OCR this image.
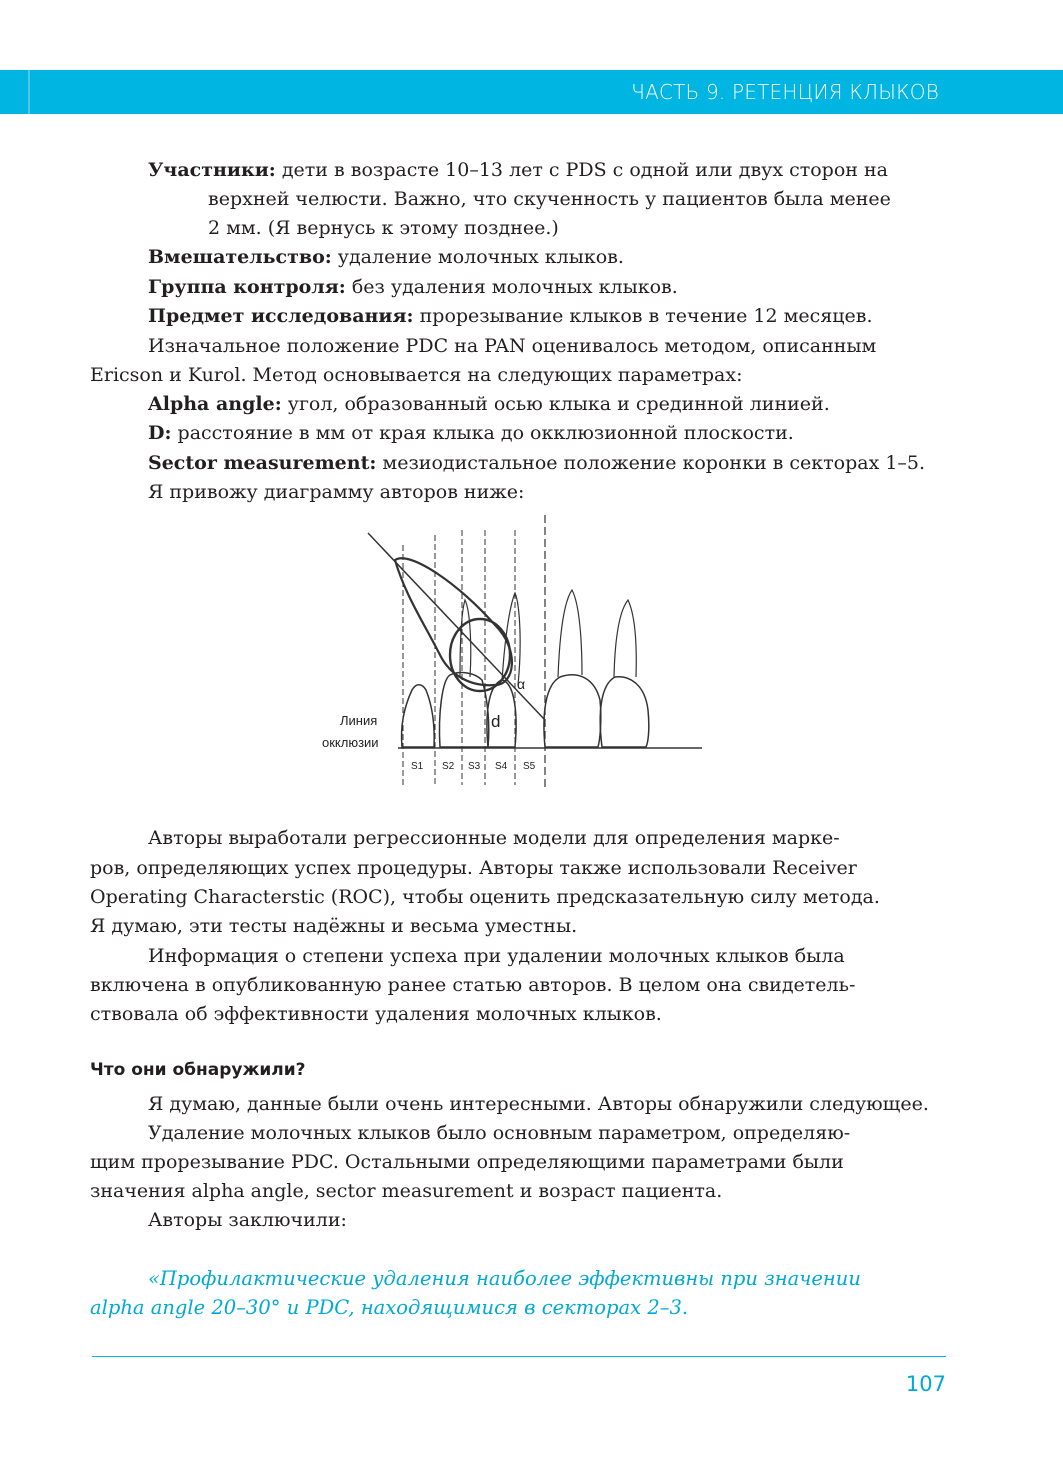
ЧАСТЬ 9. РЕТЕНЦИЯ КЛЫКОВ
Участники: дети в возрасте 10–13 лет с PDS с одной или двух сторон на
верхней челюсти. Важно, что скученность у пациентов была менее
2 мм. (Я вернусь к этому позднее.)
Вмешательство: удаление молочных клыков.
Группа контроля: без удаления молочных клыков.
Предмет исследования: прорезывание клыков в течение 12 месяцев.
Изначальное положение PDC на PAN оценивалось методом, описанным
Ericson и Kurol. Метод основывается на следующих параметрах:
Alpha angle: угол, образованный осью клыка и срединной линией.
D: расстояние в мм от края клыка до окклюзионной плоскости.
Sector measurement: мезиодистальное положение коронки в секторах 1–5.
Я привожу диаграмму авторов ниже:
Линия
окклюзии
α
d
S1 S2 S3 S4 S5
Авторы выработали регрессионные модели для определения марке-
ров, определяющих успех процедуры. Авторы также использовали Receiver
Operating Characterstic (ROC), чтобы оценить предсказательную силу метода.
Я думаю, эти тесты надёжны и весьма уместны.
Информация о степени успеха при удалении молочных клыков была
включена в опубликованную ранее статью авторов. В целом она свидетель-
ствовала об эффективности удаления молочных клыков.
Что они обнаружили?
Я думаю, данные были очень интересными. Авторы обнаружили следующее.
Удаление молочных клыков было основным параметром, определяю-
щим прорезывание PDC. Остальными определяющими параметрами были
значения alpha angle, sector measurement и возраст пациента.
Авторы заключили:
«Профилактические удаления наиболее эффективны при значении
alpha angle 20–30° и PDC, находящимися в секторах 2–3.
107
